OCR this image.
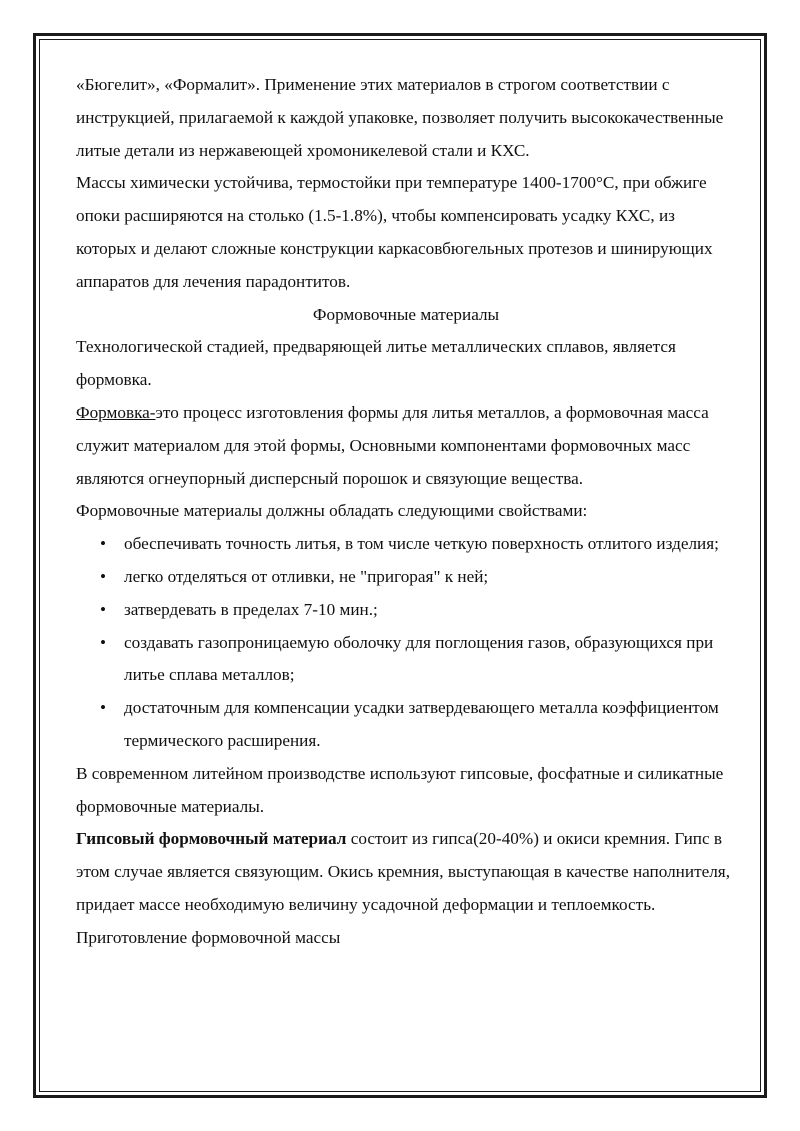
«Бюгелит», «Формалит». Применение этих материалов в строгом соответствии с инструкцией, прилагаемой к каждой упаковке, позволяет получить высококачественные литые детали из нержавеющей хромоникелевой стали и КХС.

Массы химически устойчива, термостойки при температуре 1400-1700°С, при обжиге опоки расширяются на столько (1.5-1.8%), чтобы компенсировать усадку КХС, из которых и делают сложные конструкции каркасовбюгельных протезов и шинирующих аппаратов для лечения парадонтитов.

Формовочные материалы

Технологической стадией, предваряющей литье металлических сплавов, является формовка.

Формовка-это процесс изготовления формы для литья металлов, а формовочная масса служит материалом для этой формы, Основными компонентами формовочных масс являются огнеупорный дисперсный порошок и связующие вещества.

Формовочные материалы должны обладать следующими свойствами:

• обеспечивать точность литья, в том числе четкую поверхность отлитого изделия;
• легко отделяться от отливки, не "пригорая" к ней;
• затвердевать в пределах 7-10 мин.;
• создавать газопроницаемую оболочку для поглощения газов, образующихся при литье сплава металлов;
• достаточным для компенсации усадки затвердевающего металла коэффициентом термического расширения.

В современном литейном производстве используют гипсовые, фосфатные и силикатные формовочные материалы.

Гипсовый формовочный материал состоит из гипса(20-40%) и окиси кремния. Гипс в этом случае является связующим. Окись кремния, выступающая в качестве наполнителя, придает массе необходимую величину усадочной деформации и теплоемкость. Приготовление формовочной массы
